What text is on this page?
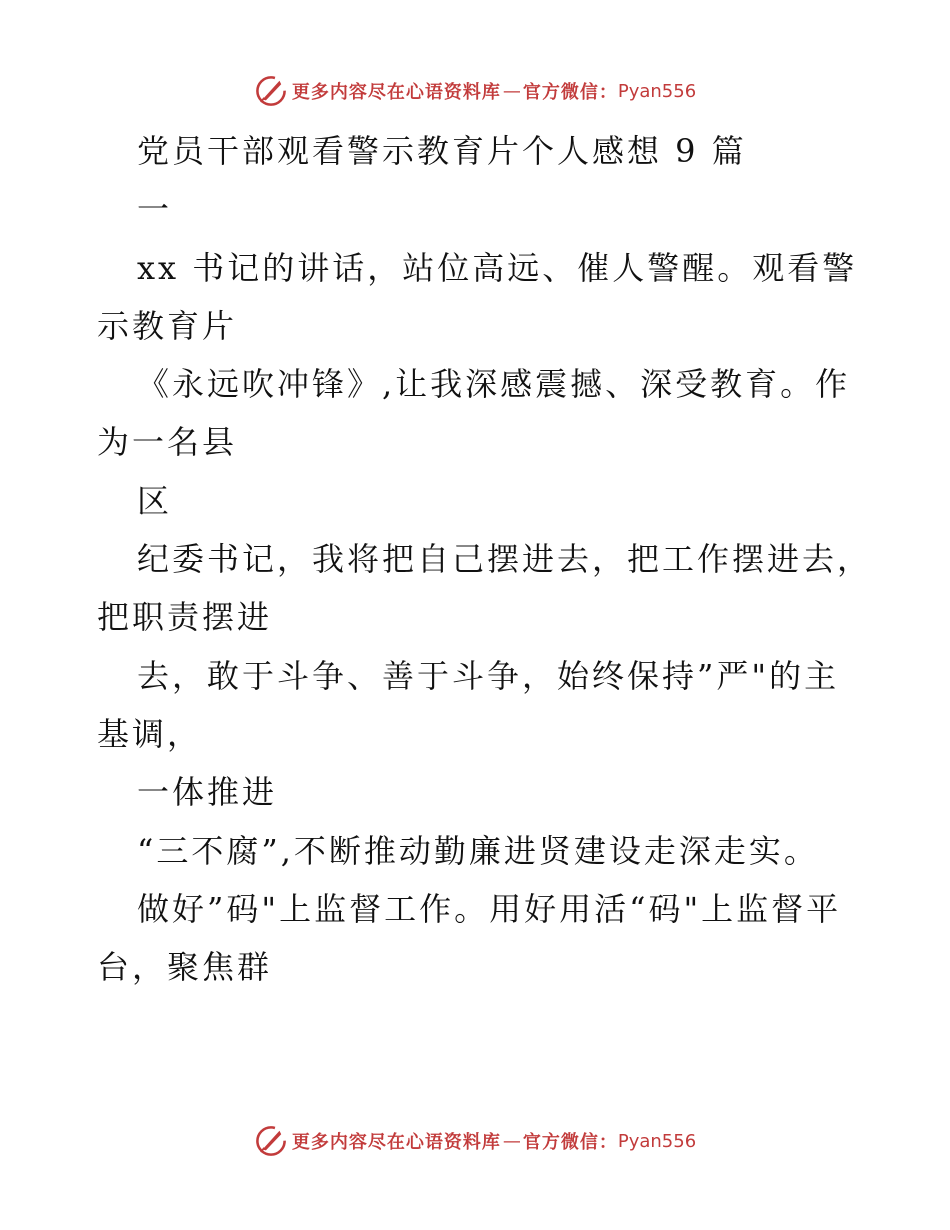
更多内容尽在心语资料库 — 官方微信： Pyan556
党员干部观看警示教育片个人感想 9 篇
一
xx 书记的讲话，站位高远、催人警醒。观看警
示教育片
《永远吹冲锋》,让我深感震撼、深受教育。作
为一名县
区
纪委书记，我将把自己摆进去，把工作摆进去，
把职责摆进
去，敢于斗争、善于斗争，始终保持”严"的主
基调，
一体推进
“三不腐”,不断推动勤廉进贤建设走深走实。
做好”码"上监督工作。用好用活“码"上监督平
台，聚焦群
更多内容尽在心语资料库 — 官方微信： Pyan556
